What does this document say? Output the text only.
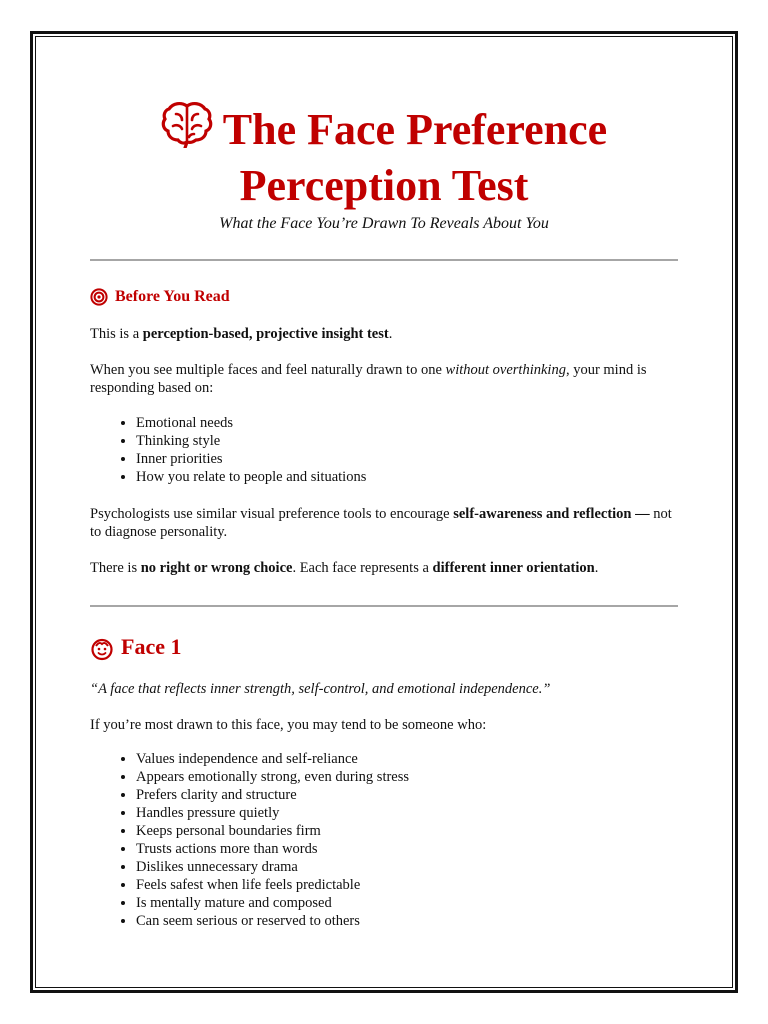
The Face Preference
Perception Test

What the Face You’re Drawn To Reveals About You

Before You Read

This is a perception-based, projective insight test.

When you see multiple faces and feel naturally drawn to one without overthinking, your mind is responding based on:

• Emotional needs
• Thinking style
• Inner priorities
• How you relate to people and situations

Psychologists use similar visual preference tools to encourage self-awareness and reflection — not to diagnose personality.

There is no right or wrong choice. Each face represents a different inner orientation.

Face 1

“A face that reflects inner strength, self-control, and emotional independence.”

If you’re most drawn to this face, you may tend to be someone who:

• Values independence and self-reliance
• Appears emotionally strong, even during stress
• Prefers clarity and structure
• Handles pressure quietly
• Keeps personal boundaries firm
• Trusts actions more than words
• Dislikes unnecessary drama
• Feels safest when life feels predictable
• Is mentally mature and composed
• Can seem serious or reserved to others
